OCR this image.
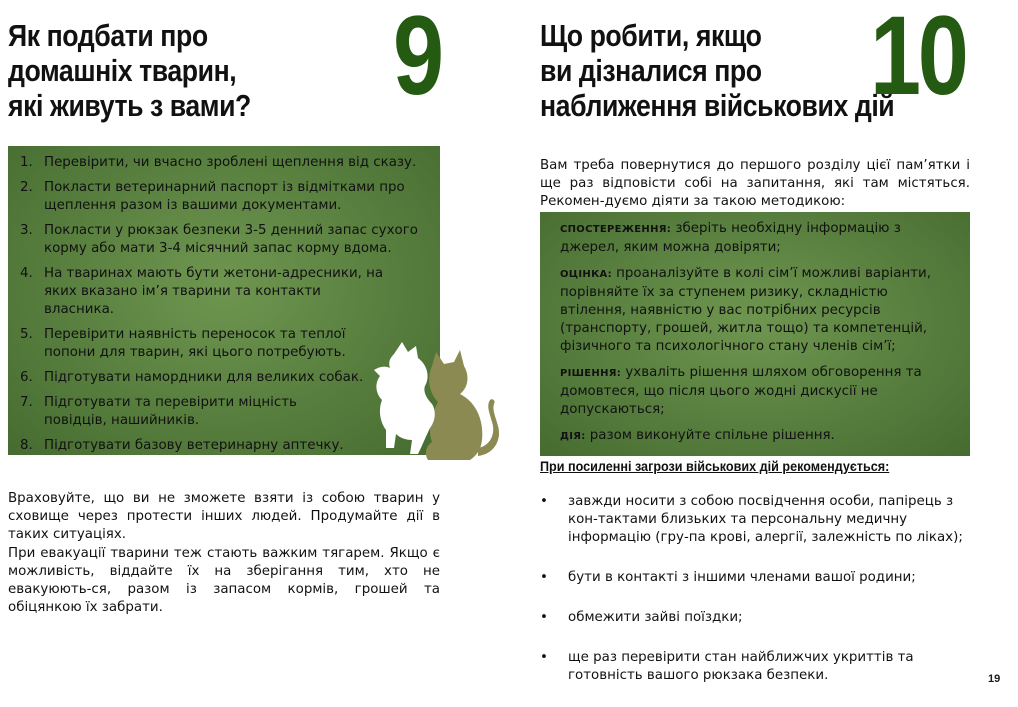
Як подбати про
домашніх тварин,
які живуть з вами? 9
1. Перевірити, чи вчасно зроблені щеплення від сказу.
2. Покласти ветеринарний паспорт із відмітками про щеплення разом із вашими документами.
3. Покласти у рюкзак безпеки 3-5 денний запас сухого корму або мати 3-4 місячний запас корму вдома.
4. На тваринах мають бути жетони-адресники, на яких вказано ім’я тварини та контакти власника.
5. Перевірити наявність переносок та теплої попони для тварин, які цього потребують.
6. Підготувати намордники для великих собак.
7. Підготувати та перевірити міцність повідців, нашийників.
8. Підготувати базову ветеринарну аптечку.

Враховуйте, що ви не зможете взяти із собою тварин у сховище через протести інших людей. Продумайте дії в таких ситуаціях.

При евакуації тварини теж стають важким тягарем. Якщо є можливість, віддайте їх на зберігання тим, хто не евакуюють-ся, разом із запасом кормів, грошей та обіцянкою їх забрати.

Що робити, якщо
ви дізналися про
наближення військових дій
10

Вам треба повернутися до першого розділу цієї пам’ятки і ще раз відповісти собі на запитання, які там містяться. Рекомен-дуємо діяти за такою методикою:

СПОСТЕРЕЖЕННЯ: зберіть необхідну інформацію з джерел, яким можна довіряти;
ОЦІНКА: проаналізуйте в колі сім’ї можливі варіанти, порівняйте їх за ступенем ризику, складністю втілення, наявністю у вас потрібних ресурсів (транспорту, грошей, житла тощо) та компетенцій, фізичного та психологічного стану членів сім’ї;
РІШЕННЯ: ухваліть рішення шляхом обговорення та домовтеся, що після цього жодні дискусії не допускаються;
ДІЯ: разом виконуйте спільне рішення.
При посиленні загрози військових дій рекомендується:
• завжди носити з собою посвідчення особи, папірець з кон-тактами близьких та персональну медичну інформацію (гру-па крові, алергії, залежність по ліках);
• бути в контакті з іншими членами вашої родини;
• обмежити зайві поїздки;
• ще раз перевірити стан найближчих укриттів та готовність вашого рюкзака безпеки.	19
